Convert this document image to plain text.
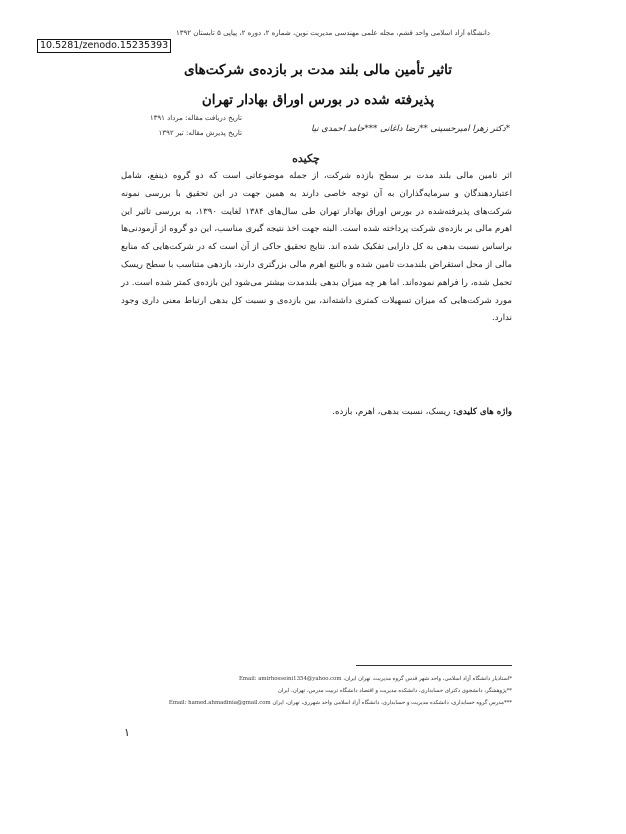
دانشگاه آزاد اسلامی واحد قشم، مجله علمی مهندسی مدیریت نوین، شماره ۲، دوره ۲، پیاپی ۵ تابستان ۱۳۹۲
10.5281/zenodo.15235393
تاثیر تأمین مالی بلند مدت بر بازده‌ی شرکت‌های
پذیرفته شده در بورس اوراق بهادار تهران
تاریخ دریافت مقاله: مرداد ۱۳۹۱
تاریخ پذیرش مقاله: تیر ۱۳۹۲	*دکتر زهرا امیرحسینی **رضا داغانی ***حامد احمدی نیا
چکیده
اثر تامین مالی بلند مدت بر سطح بازده شرکت، از جمله موضوعاتی است که دو گروه ذینفع، شامل اعتباردهندگان و سرمایه‌گذاران به آن توجه خاصی دارند به همین جهت در این تحقیق با بررسی نمونه شرکت‌های پذیرفته‌شده در بورس اوراق بهادار تهران طی سال‌های ۱۳۸۴ لغایت ۱۳۹۰، به بررسی تاثیر این اهرم مالی بر بازده‌ی شرکت پرداخته شده است. البته جهت اخذ نتیجه گیری مناسب، این دو گروه از آزمودنی‌ها براساس نسبت بدهی به کل دارایی تفکیک شده اند. نتایج تحقیق حاکی از آن است که در شرکت‌هایی که منابع مالی از محل استقراض بلندمدت تامین شده و بالتبع اهرم مالی بزرگتری دارند، بازدهی متناسب با سطح ریسک تحمل شده، را فراهم نموده‌اند. اما هر چه میزان بدهی بلندمدت بیشتر می‌شود این بازده‌ی کمتر شده است. در مورد شرکت‌هایی که میزان تسهیلات کمتری داشته‌اند، بین بازده‌ی و نسبت کل بدهی ارتباط معنی داری وجود ندارد.
واژه های کلیدی: ریسک، نسبت بدهی، اهرم، بازده.
*استادیار دانشگاه آزاد اسلامی، واحد شهر قدس گروه مدیریت، تهران ایران، Email: amirhosseini1354@yahoo.com
**پژوهشگر، دانشجوی دکترای حسابداری، دانشکده مدیریت و اقتصاد دانشگاه تربیت مدرس، تهران، ایران
***مدرس گروه حسابداری، دانشکده مدیریت و حسابداری، دانشگاه آزاد اسلامی واحد شهرری، تهران، ایران Email: hamed.ahmadinia@gmail.com
۱
